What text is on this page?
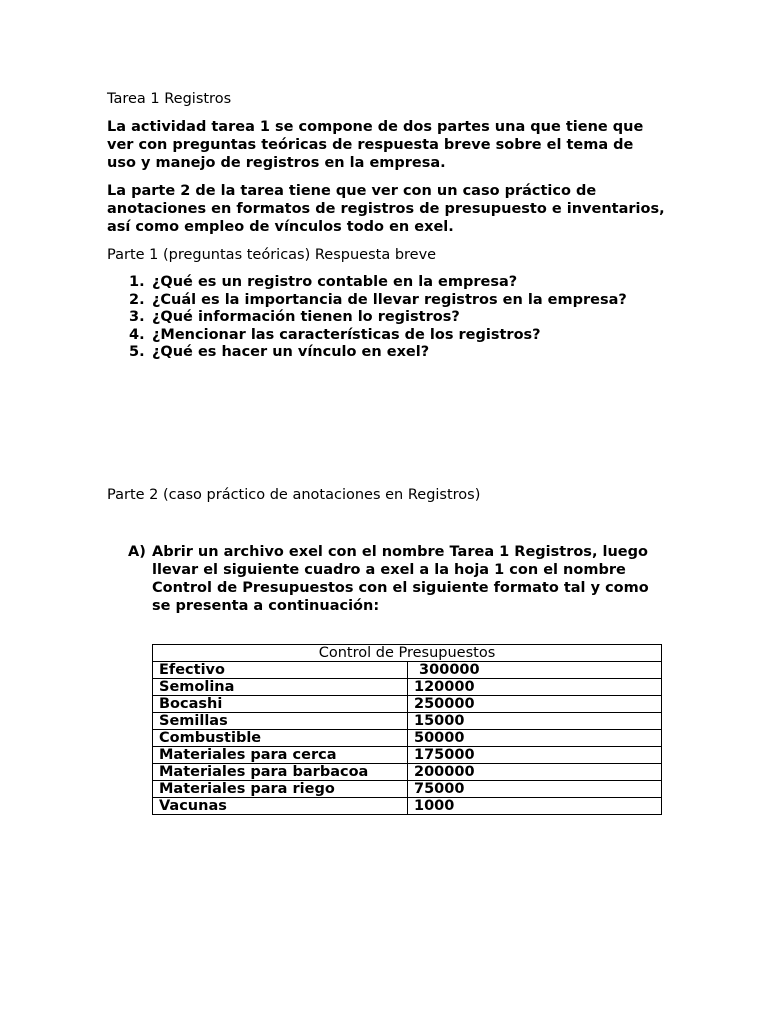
Tarea 1 Registros

La actividad tarea 1 se compone de dos partes una que tiene que ver con preguntas teóricas de respuesta breve sobre el tema de uso y manejo de registros en la empresa.

La parte 2 de la tarea tiene que ver con un caso práctico de anotaciones en formatos de registros de presupuesto e inventarios, así como empleo de vínculos todo en exel.

Parte 1 (preguntas teóricas) Respuesta breve

1. ¿Qué es un registro contable en la empresa?
2. ¿Cuál es la importancia de llevar registros en la empresa?
3. ¿Qué información tienen lo registros?
4. ¿Mencionar las características de los registros?
5. ¿Qué es hacer un vínculo en exel?

Parte 2 (caso práctico de anotaciones en Registros)

A) Abrir un archivo exel con el nombre Tarea 1 Registros, luego llevar el siguiente cuadro a exel a la hoja 1 con el nombre Control de Presupuestos con el siguiente formato tal y como se presenta a continuación:
Control de Presupuestos	
Efectivo	300000
Semolina	120000
Bocashi	250000
Semillas	15000
Combustible	50000
Materiales para cerca	175000
Materiales para barbacoa	200000
Materiales para riego	75000
Vacunas	1000
